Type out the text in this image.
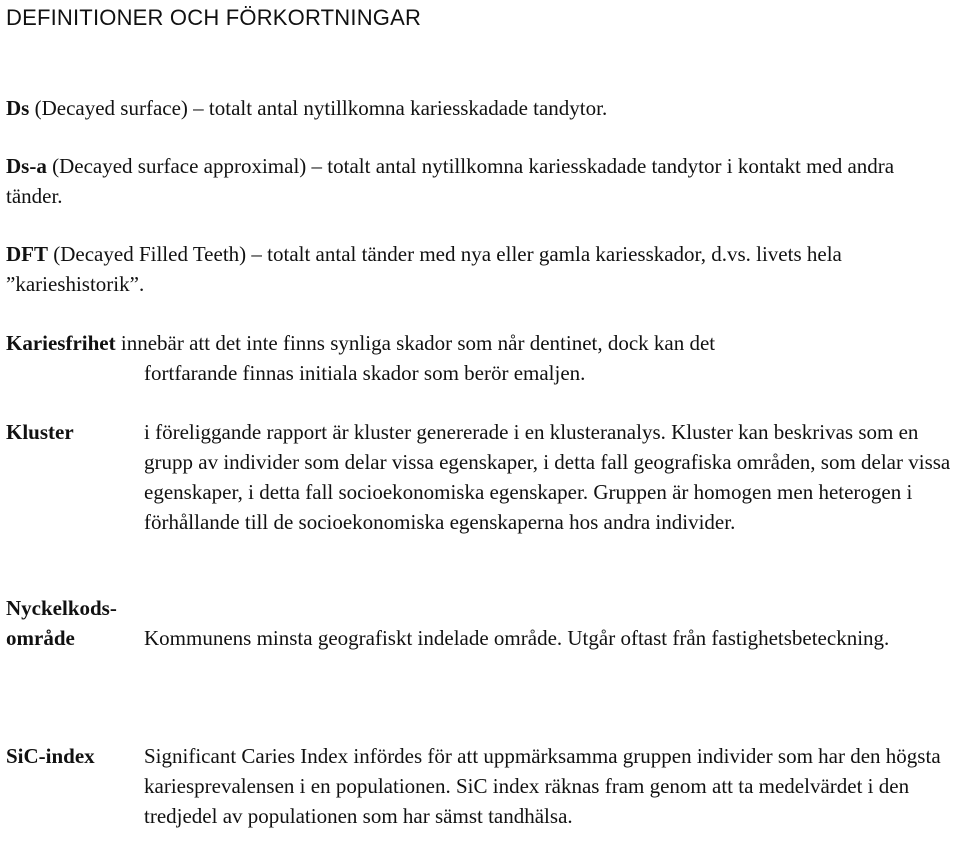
DEFINITIONER OCH FÖRKORTNINGAR

Ds (Decayed surface) – totalt antal nytillkomna kariesskadade tandytor.

Ds-a (Decayed surface approximal) – totalt antal nytillkomna kariesskadade tandytor i kontakt med andra tänder.

DFT (Decayed Filled Teeth) – totalt antal tänder med nya eller gamla kariesskador, d.vs. livets hela ”karieshistorik”.

Kariesfrihet innebär att det inte finns synliga skador som når dentinet, dock kan det
fortfarande finnas initiala skador som berör emaljen.
Kluster	i föreliggande rapport är kluster genererade i en klusteranalys. Kluster kan beskrivas som en grupp av individer som delar vissa egenskaper, i detta fall geografiska områden, som delar vissa egenskaper, i detta fall socioekonomiska egenskaper. Gruppen är homogen men heterogen i förhållande till de socioekonomiska egenskaperna hos andra individer.
Nyckelkods-
område	Kommunens minsta geografiskt indelade område. Utgår oftast från fastighetsbeteckning.
SiC-index Significant Caries Index infördes för att uppmärksamma gruppen individer som har den högsta kariesprevalensen i en populationen. SiC index räknas fram genom att ta medelvärdet i den tredjedel av populationen som har sämst tandhälsa.
